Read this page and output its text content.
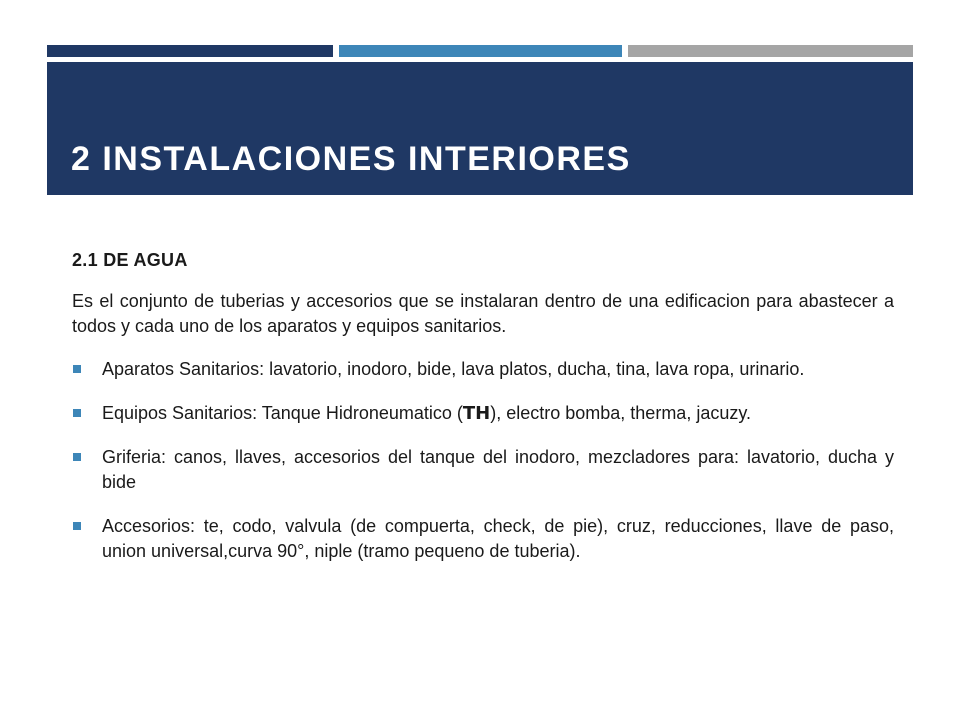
2 INSTALACIONES INTERIORES

2.1 DE AGUA

Es el conjunto de tuberias y accesorios que se instalaran dentro de una edificacion para abastecer a todos y cada uno de los aparatos y equipos sanitarios.

Aparatos Sanitarios: lavatorio, inodoro, bide, lava platos, ducha, tina, lava ropa, urinario.
Equipos Sanitarios: Tanque Hidroneumatico (TH), electro bomba, therma, jacuzy.
Griferia: canos, llaves, accesorios del tanque del inodoro, mezcladores para: lavatorio, ducha y bide
Accesorios: te, codo, valvula (de compuerta, check, de pie), cruz, reducciones, llave de paso, union universal,curva 90°, niple (tramo pequeno de tuberia).
